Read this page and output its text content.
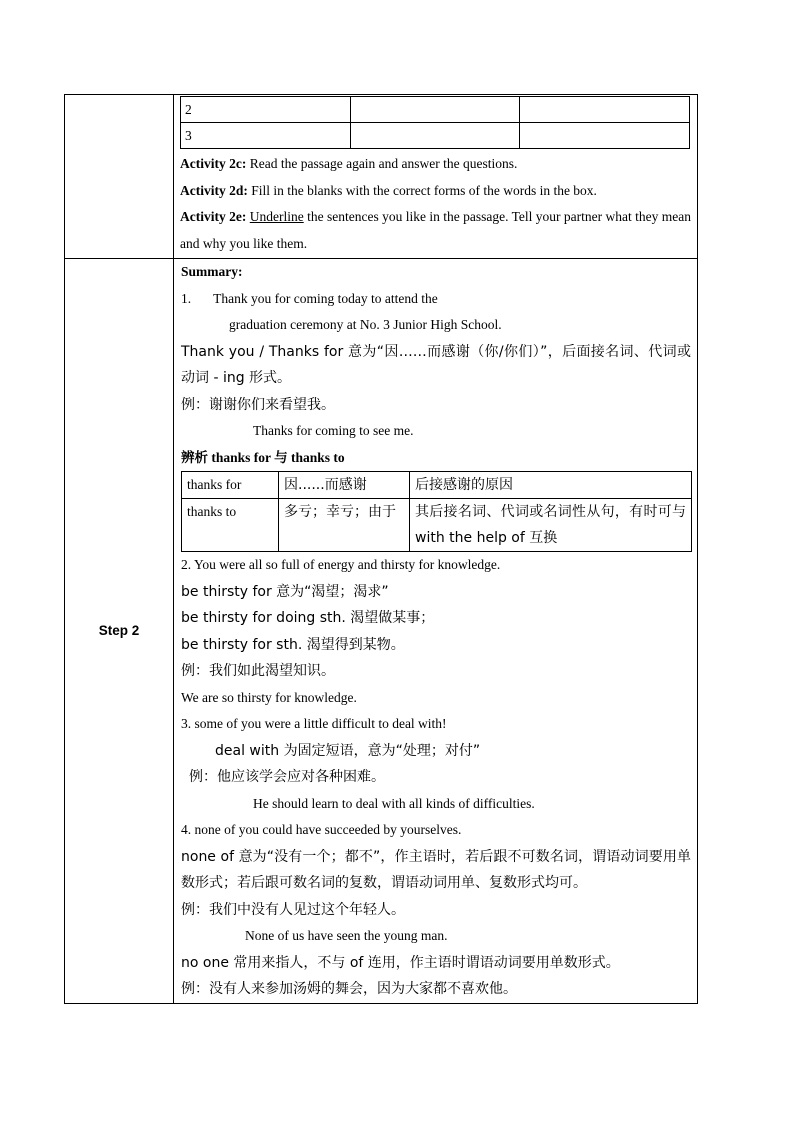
2		
3		
Activity 2c: Read the passage again and answer the questions.
Activity 2d: Fill in the blanks with the correct forms of the words in the box.
Activity 2e: Underline the sentences you like in the passage. Tell your partner what they mean and why you like them.

Step 2	
Summary:
1. Thank you for coming today to attend the
graduation ceremony at No. 3 Junior High School.
Thank you / Thanks for 意为“因……而感谢（你/你们）”，后面接名词、代词或动词 - ing 形式。
例：谢谢你们来看望我。
Thanks for coming to see me.
辨析 thanks for 与 thanks to
thanks for	因......而感谢	后接感谢的原因
thanks to	多亏；幸亏；由于	其后接名词、代词或名词性从句，有时可与 with the help of 互换
2. You were all so full of energy and thirsty for knowledge.
be thirsty for 意为“渴望；渴求”
be thirsty for doing sth. 渴望做某事；
be thirsty for sth. 渴望得到某物。
例：我们如此渴望知识。
We are so thirsty for knowledge.
3. some of you were a little difficult to deal with!
deal with 为固定短语，意为“处理；对付”
例：他应该学会应对各种困难。
He should learn to deal with all kinds of difficulties.
4. none of you could have succeeded by yourselves.
none of 意为“没有一个；都不”，作主语时，若后跟不可数名词，谓语动词要用单数形式；若后跟可数名词的复数，谓语动词用单、复数形式均可。
例：我们中没有人见过这个年轻人。
None of us have seen the young man.
no one 常用来指人，不与 of 连用，作主语时谓语动词要用单数形式。
例：没有人来参加汤姆的舞会，因为大家都不喜欢他。
